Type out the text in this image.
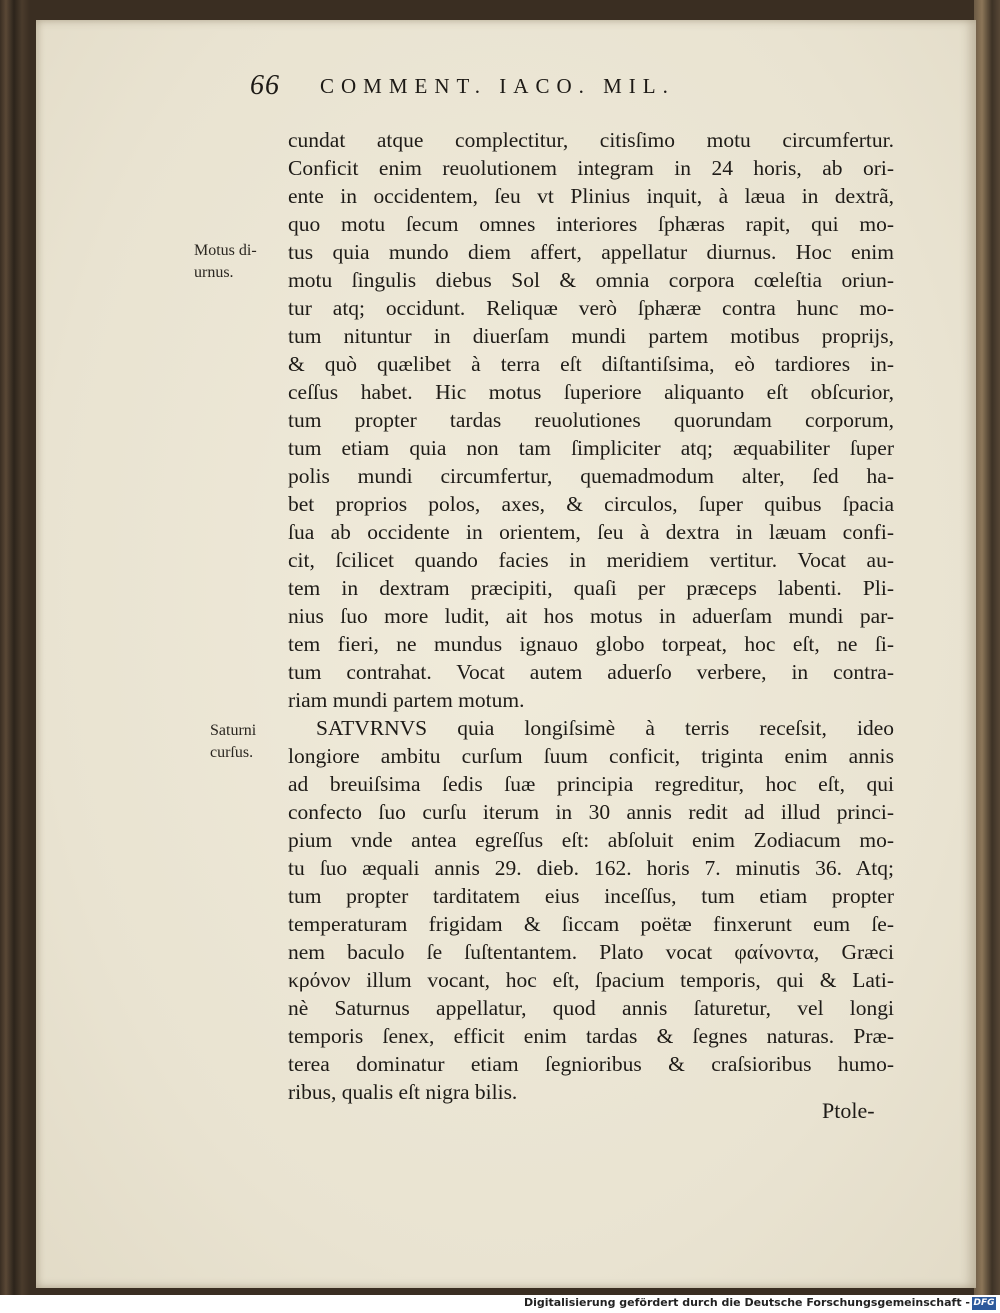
66 COMMENT. IACO. MIL.
Motus di-
urnus.
Saturni
curſus.
cundat atque complectitur, citisſimo motu circumfertur.
Conficit enim reuolutionem integram in 24 horis, ab ori-
ente in occidentem, ſeu vt Plinius inquit, à læua in dextrã,
quo motu ſecum omnes interiores ſphæras rapit, qui mo-
tus quia mundo diem affert, appellatur diurnus. Hoc enim
motu ſingulis diebus Sol & omnia corpora cœleſtia oriun-
tur atq; occidunt. Reliquæ verò ſphæræ contra hunc mo-
tum nituntur in diuerſam mundi partem motibus proprijs,
& quò quælibet à terra eſt diſtantiſsima, eò tardiores in-
ceſſus habet. Hic motus ſuperiore aliquanto eſt obſcurior,
tum propter tardas reuolutiones quorundam corporum,
tum etiam quia non tam ſimpliciter atq; æquabiliter ſuper
polis mundi circumfertur, quemadmodum alter, ſed ha-
bet proprios polos, axes, & circulos, ſuper quibus ſpacia
ſua ab occidente in orientem, ſeu à dextra in læuam confi-
cit, ſcilicet quando facies in meridiem vertitur. Vocat au-
tem in dextram præcipiti, quaſi per præceps labenti. Pli-
nius ſuo more ludit, ait hos motus in aduerſam mundi par-
tem fieri, ne mundus ignauo globo torpeat, hoc eſt, ne ſi-
tum contrahat. Vocat autem aduerſo verbere, in contra-
riam mundi partem motum.
SATVRNVS quia longiſsimè à terris receſsit, ideo
longiore ambitu curſum ſuum conficit, triginta enim annis
ad breuiſsima ſedis ſuæ principia regreditur, hoc eſt, qui
confecto ſuo curſu iterum in 30 annis redit ad illud princi-
pium vnde antea egreſſus eſt: abſoluit enim Zodiacum mo-
tu ſuo æquali annis 29. dieb. 162. horis 7. minutis 36. Atq;
tum propter tarditatem eius inceſſus, tum etiam propter
temperaturam frigidam & ſiccam poëtæ finxerunt eum ſe-
nem baculo ſe ſuſtentantem. Plato vocat φαίνοντα, Græci
κρόνον illum vocant, hoc eſt, ſpacium temporis, qui & Lati-
nè Saturnus appellatur, quod annis ſaturetur, vel longi
temporis ſenex, efficit enim tardas & ſegnes naturas. Præ-
terea dominatur etiam ſegnioribus & craſsioribus humo-
ribus, qualis eſt nigra bilis.
Ptole-
Digitalisierung gefördert durch die Deutsche Forschungsgemeinschaft - DFG
